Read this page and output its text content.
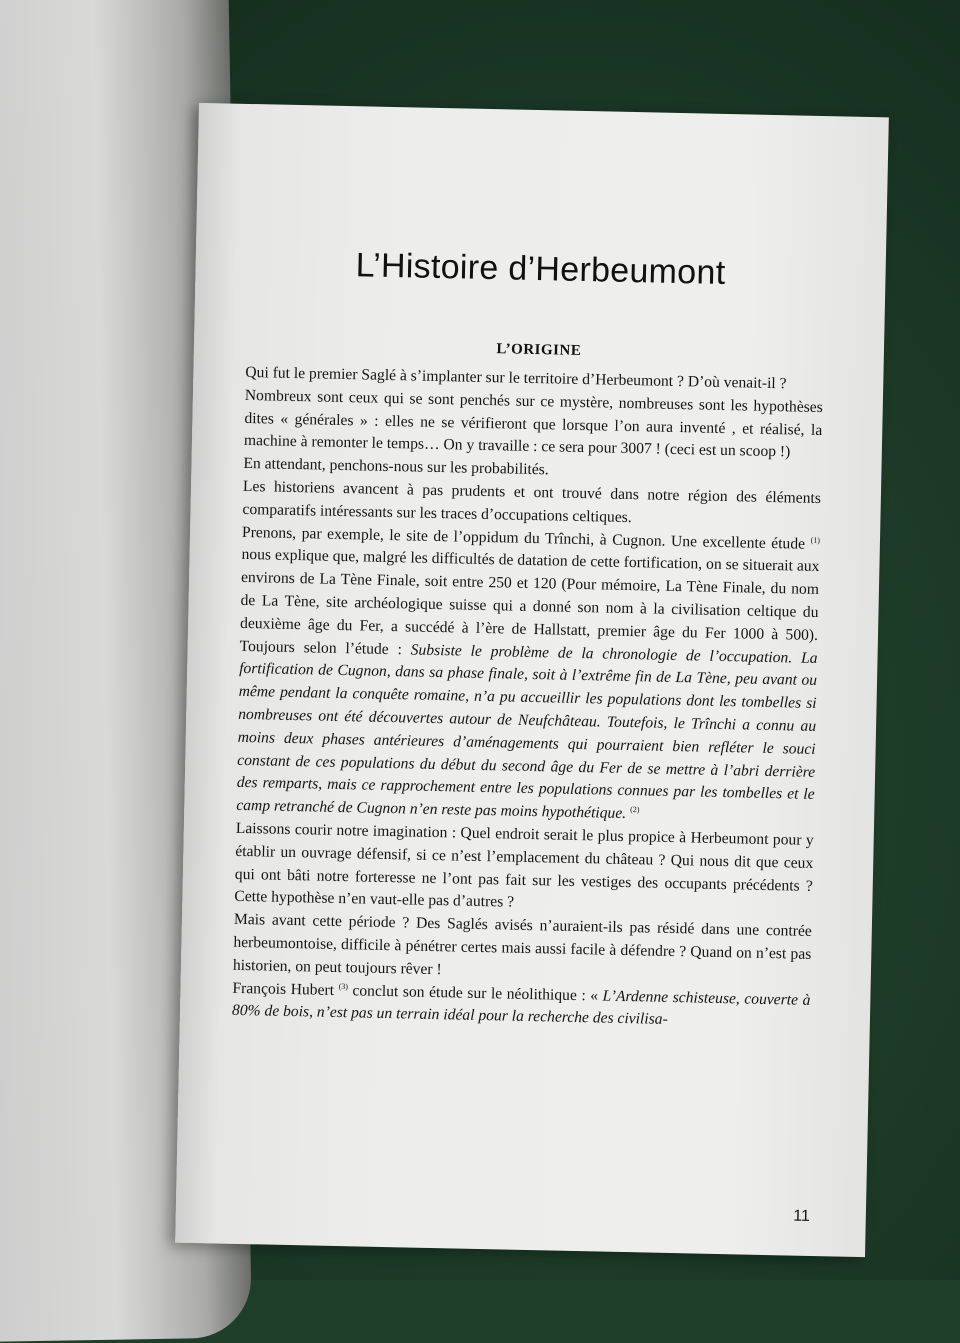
L’Histoire d’Herbeumont
L’ORIGINE

Qui fut le premier Saglé à s’implanter sur le territoire d’Herbeumont ? D’où venait-il ?

Nombreux sont ceux qui se sont penchés sur ce mystère, nombreuses sont les hypothèses dites « générales » : elles ne se vérifieront que lorsque l’on aura inventé , et réalisé, la machine à remonter le temps… On y travaille : ce sera pour 3007 ! (ceci est un scoop !)

En attendant, penchons-nous sur les probabilités.

Les historiens avancent à pas prudents et ont trouvé dans notre région des éléments comparatifs intéressants sur les traces d’occupations celtiques.

Prenons, par exemple, le site de l’oppidum du Trînchi, à Cugnon. Une excellente étude $^{(1)}$ nous explique que, malgré les difficultés de datation de cette fortification, on se situerait aux environs de La Tène Finale, soit entre 250 et 120 (Pour mémoire, La Tène Finale, du nom de La Tène, site archéologique suisse qui a donné son nom à la civilisation celtique du deuxième âge du Fer, a succédé à l’ère de Hallstatt, premier âge du Fer 1000 à 500). Toujours selon l’étude : Subsiste le problème de la chronologie de l’occupation. La fortification de Cugnon, dans sa phase finale, soit à l’extrême fin de La Tène, peu avant ou même pendant la conquête romaine, n’a pu accueillir les populations dont les tombelles si nombreuses ont été découvertes autour de Neufchâteau. Toutefois, le Trînchi a connu au moins deux phases antérieures d’aménagements qui pourraient bien refléter le souci constant de ces populations du début du second âge du Fer de se mettre à l’abri derrière des remparts, mais ce rapprochement entre les populations connues par les tombelles et le camp retranché de Cugnon n’en reste pas moins hypothétique. $^{(2)}$

Laissons courir notre imagination : Quel endroit serait le plus propice à Herbeumont pour y établir un ouvrage défensif, si ce n’est l’emplacement du château ? Qui nous dit que ceux qui ont bâti notre forteresse ne l’ont pas fait sur les vestiges des occupants précédents ? Cette hypothèse n’en vaut-elle pas d’autres ?

Mais avant cette période ? Des Saglés avisés n’auraient-ils pas résidé dans une contrée herbeumontoise, difficile à pénétrer certes mais aussi facile à défendre ? Quand on n’est pas historien, on peut toujours rêver !

François Hubert $^{(3)}$ conclut son étude sur le néolithique : « L’Ardenne schisteuse, couverte à 80% de bois, n’est pas un terrain idéal pour la recherche des civilisa-

11
